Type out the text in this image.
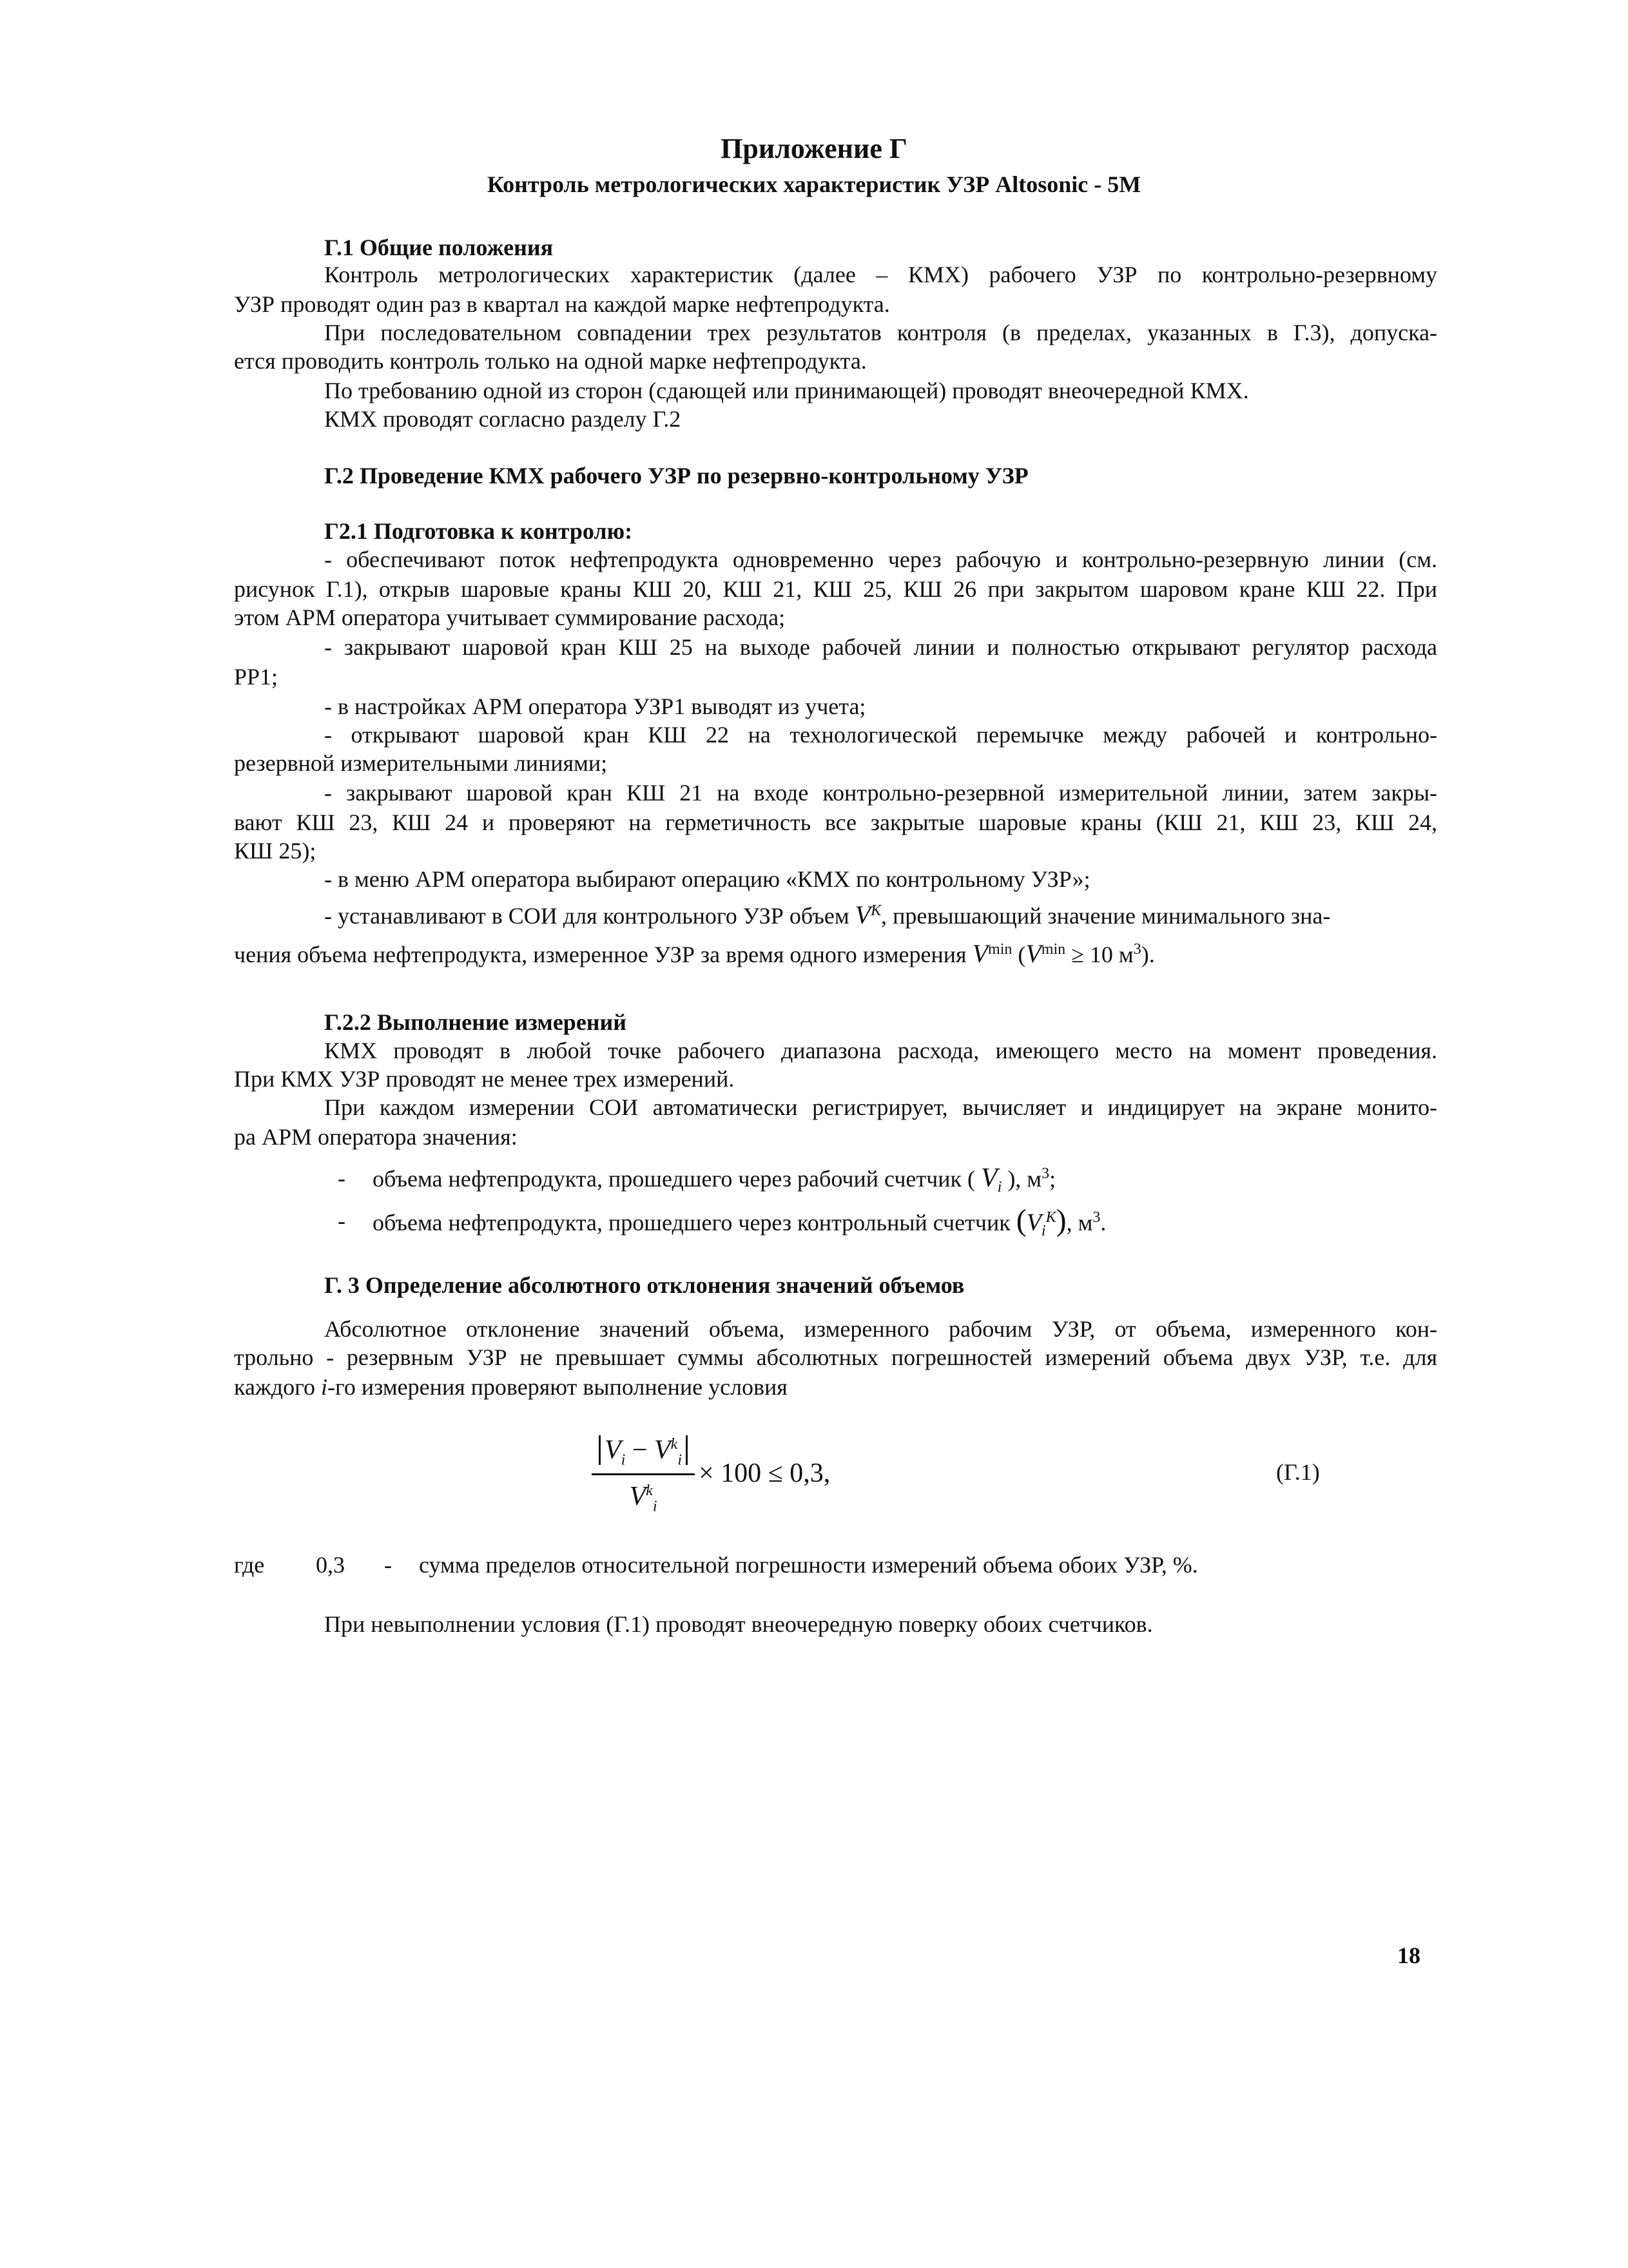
Приложение Г
Контроль метрологических характеристик УЗР Altosonic - 5М
Г.1 Общие положения
Контроль метрологических характеристик (далее – КМХ) рабочего УЗР по контрольно-резервному
УЗР проводят один раз в квартал на каждой марке нефтепродукта.
При последовательном совпадении трех результатов контроля (в пределах, указанных в Г.3), допуска-
ется проводить контроль только на одной марке нефтепродукта.
По требованию одной из сторон (сдающей или принимающей) проводят внеочередной КМХ.
КМХ проводят согласно разделу Г.2
Г.2 Проведение КМХ рабочего УЗР по резервно-контрольному УЗР
Г2.1 Подготовка к контролю:
- обеспечивают поток нефтепродукта одновременно через рабочую и контрольно-резервную линии (см.
рисунок Г.1), открыв шаровые краны КШ 20, КШ 21, КШ 25, КШ 26 при закрытом шаровом кране КШ 22. При
этом АРМ оператора учитывает суммирование расхода;
- закрывают шаровой кран КШ 25 на выходе рабочей линии и полностью открывают регулятор расхода
РР1;
- в настройках АРМ оператора УЗР1 выводят из учета;
- открывают шаровой кран КШ 22 на технологической перемычке между рабочей и контрольно-
резервной измерительными линиями;
- закрывают шаровой кран КШ 21 на входе контрольно-резервной измерительной линии, затем закры-
вают КШ 23, КШ 24 и проверяют на герметичность все закрытые шаровые краны (КШ 21, КШ 23, КШ 24,
КШ 25);
- в меню АРМ оператора выбирают операцию «КМХ по контрольному УЗР»;
- устанавливают в СОИ для контрольного УЗР объем $V^K$, превышающий значение минимального зна-
чения объема нефтепродукта, измеренное УЗР за время одного измерения $V^{min}$ ($V^{min} \ge 10$ $м^3$).
Г.2.2 Выполнение измерений
КМХ проводят в любой точке рабочего диапазона расхода, имеющего место на момент проведения.
При КМХ УЗР проводят не менее трех измерений.
При каждом измерении СОИ автоматически регистрирует, вычисляет и индицирует на экране монито-
ра АРМ оператора значения:
- объема нефтепродукта, прошедшего через рабочий счетчик ( $V_i$ ), $м^3$;
- объема нефтепродукта, прошедшего через контрольный счетчик $(V_i^K)$, $м^3$.
Г. 3 Определение абсолютного отклонения значений объемов
Абсолютное отклонение значений объема, измеренного рабочим УЗР, от объема, измеренного кон-
трольно - резервным УЗР не превышает суммы абсолютных погрешностей измерений объема двух УЗР, т.е. для
каждого i-го измерения проверяют выполнение условия
$V_i - V^k_i$
$V^k_i$
× 100 ≤ 0,3,	(Г.1)
где 0,3 - сумма пределов относительной погрешности измерений объема обоих УЗР, %.
При невыполнении условия (Г.1) проводят внеочередную поверку обоих счетчиков.
18
